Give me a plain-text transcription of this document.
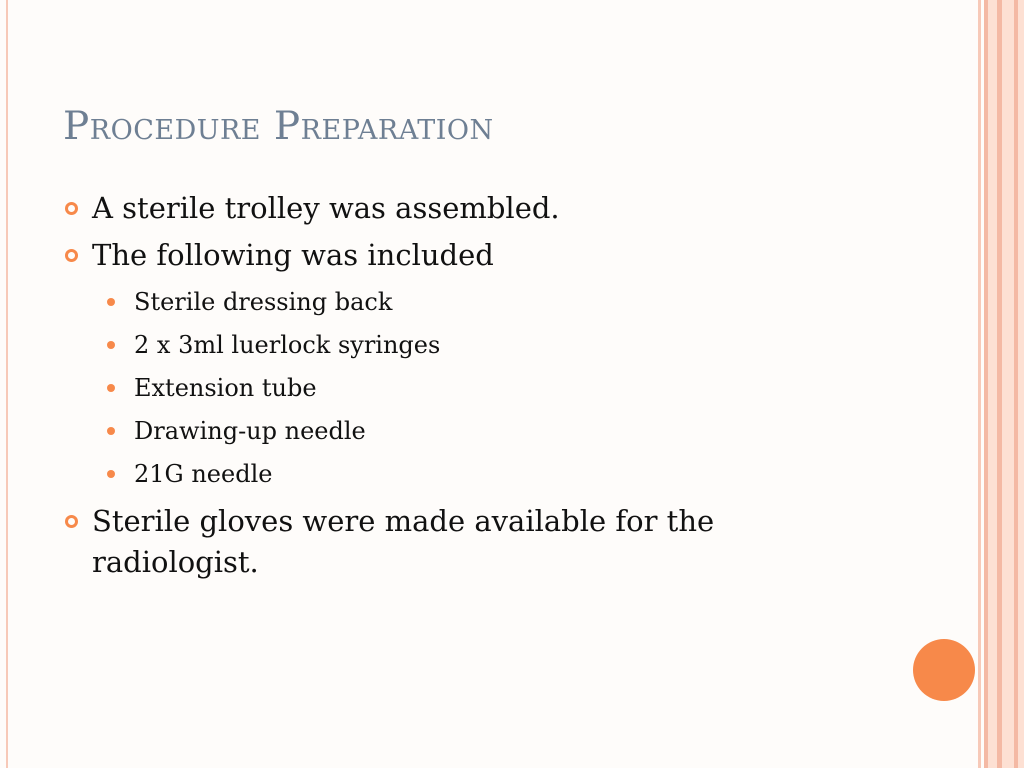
Procedure Preparation
A sterile trolley was assembled.
The following was included
Sterile dressing back
2 x 3ml luerlock syringes
Extension tube
Drawing-up needle
21G needle
Sterile gloves were made available for the radiologist.
